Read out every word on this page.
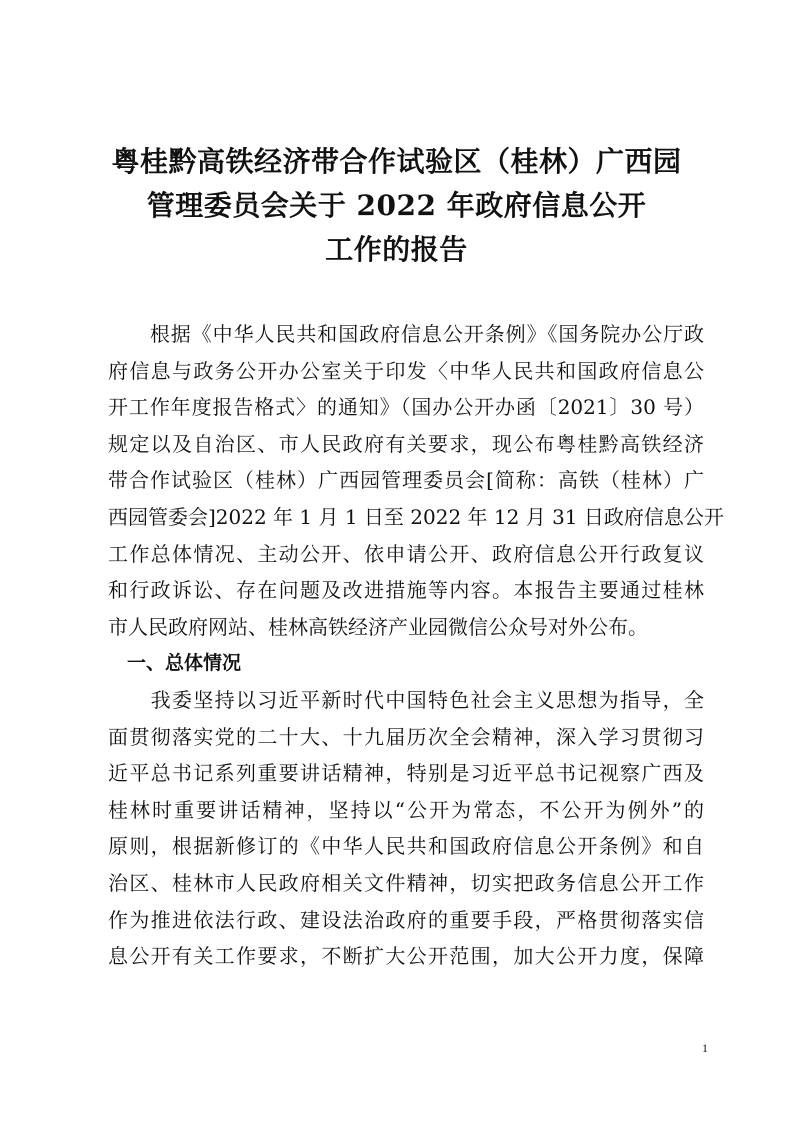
粤桂黔高铁经济带合作试验区（桂林）广西园
管理委员会关于 2022 年政府信息公开
工作的报告
　　根据《中华人民共和国政府信息公开条例》《国务院办公厅政
府信息与政务公开办公室关于印发〈中华人民共和国政府信息公
开工作年度报告格式〉的通知》（国办公开办函〔2021〕30 号）
规定以及自治区、市人民政府有关要求，现公布粤桂黔高铁经济
带合作试验区（桂林）广西园管理委员会[简称：高铁（桂林）广
西园管委会]2022 年 1 月 1 日至 2022 年 12 月 31 日政府信息公开
工作总体情况、主动公开、依申请公开、政府信息公开行政复议
和行政诉讼、存在问题及改进措施等内容。本报告主要通过桂林
市人民政府网站、桂林高铁经济产业园微信公众号对外公布。
　一、总体情况
　　我委坚持以习近平新时代中国特色社会主义思想为指导，全
面贯彻落实党的二十大、十九届历次全会精神，深入学习贯彻习
近平总书记系列重要讲话精神，特别是习近平总书记视察广西及
桂林时重要讲话精神，坚持以“公开为常态，不公开为例外”的
原则，根据新修订的《中华人民共和国政府信息公开条例》和自
治区、桂林市人民政府相关文件精神，切实把政务信息公开工作
作为推进依法行政、建设法治政府的重要手段，严格贯彻落实信
息公开有关工作要求，不断扩大公开范围，加大公开力度，保障
1
